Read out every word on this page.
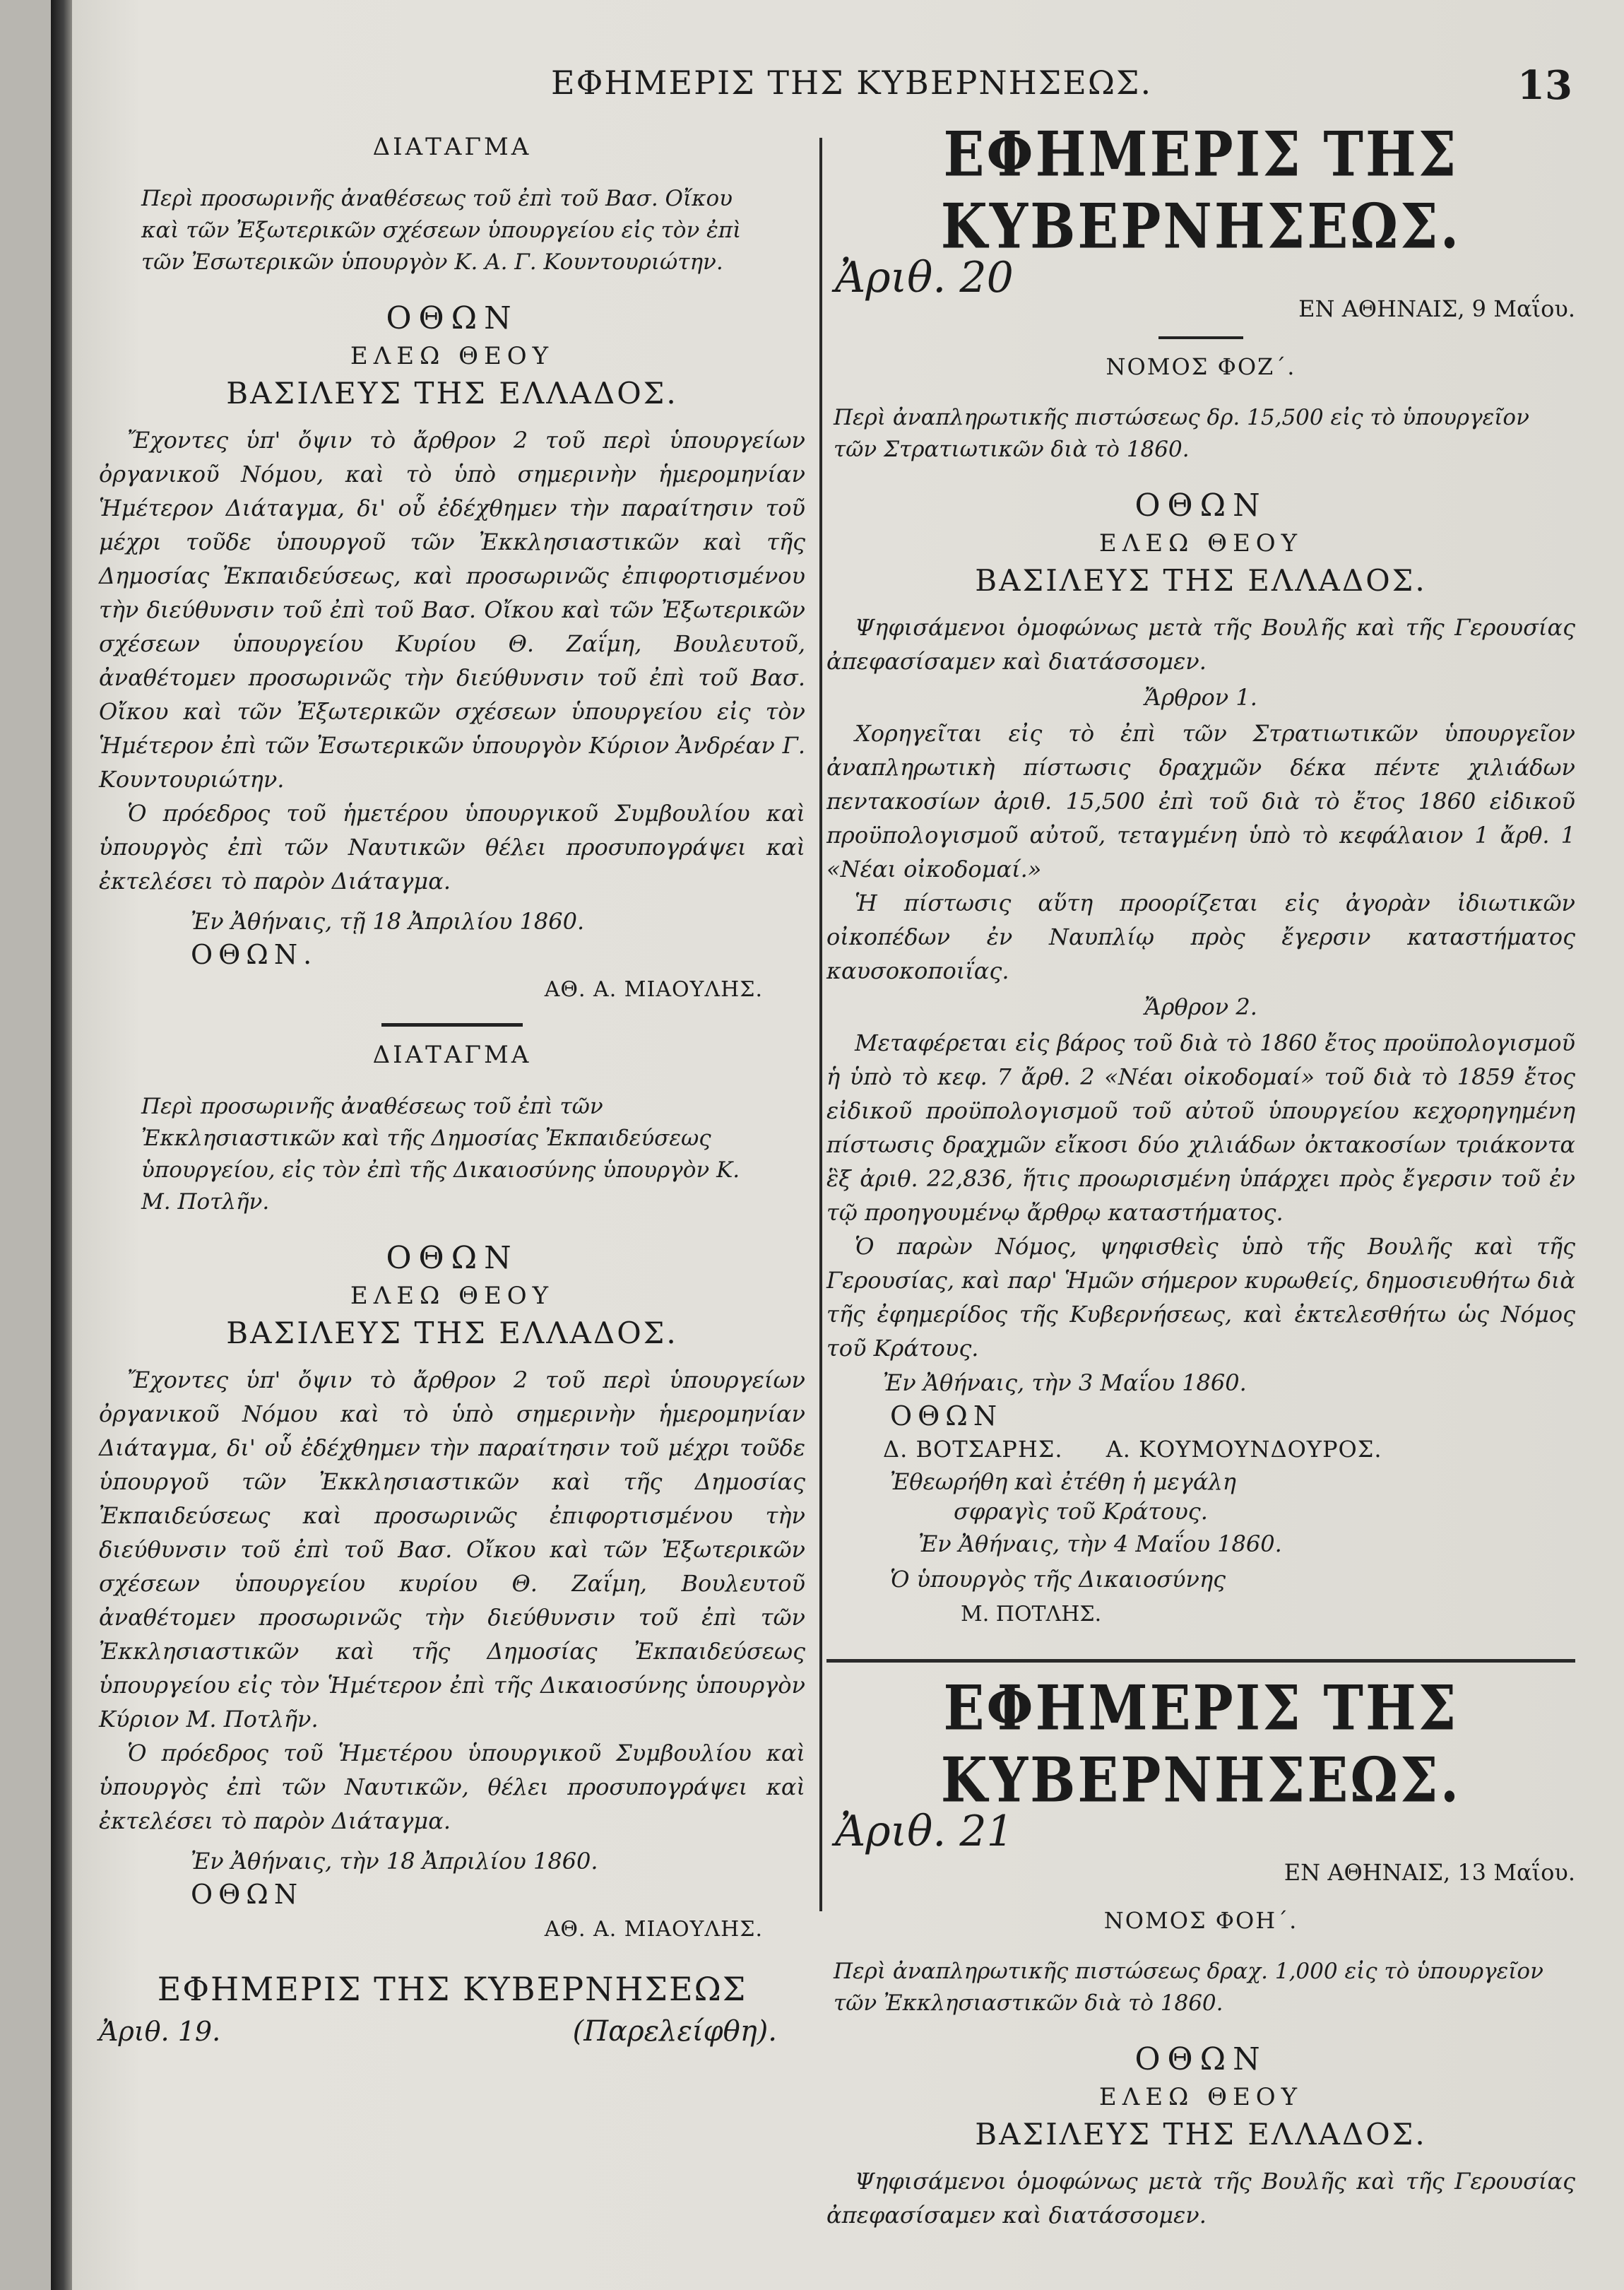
ΕΦΗΜΕΡΙΣ ΤΗΣ ΚΥΒΕΡΝΗΣΕΩΣ.	13
ΔΙΑΤΑΓΜΑ

Περὶ προσωρινῆς ἀναθέσεως τοῦ ἐπὶ τοῦ Βασ. Οἴκου καὶ τῶν Ἐξωτερικῶν σχέσεων ὑπουργείου εἰς τὸν ἐπὶ τῶν Ἐσωτερικῶν ὑπουργὸν Κ. Α. Γ. Κουντουριώτην.

ΟΘΩΝ
ΕΛΕΩ ΘΕΟΥ
ΒΑΣΙΛΕΥΣ ΤΗΣ ΕΛΛΑΔΟΣ.

Ἔχοντες ὑπ' ὄψιν τὸ ἄρθρον 2 τοῦ περὶ ὑπουργείων ὀργανικοῦ Νόμου, καὶ τὸ ὑπὸ σημερινὴν ἡμερομηνίαν Ἡμέτερον Διάταγμα, δι' οὗ ἐδέχθημεν τὴν παραίτησιν τοῦ μέχρι τοῦδε ὑπουργοῦ τῶν Ἐκκλησιαστικῶν καὶ τῆς Δημοσίας Ἐκπαιδεύσεως, καὶ προσωρινῶς ἐπιφορτισμένου τὴν διεύθυνσιν τοῦ ἐπὶ τοῦ Βασ. Οἴκου καὶ τῶν Ἐξωτερικῶν σχέσεων ὑπουργείου Κυρίου Θ. Ζαΐμη, Βουλευτοῦ, ἀναθέτομεν προσωρινῶς τὴν διεύθυνσιν τοῦ ἐπὶ τοῦ Βασ. Οἴκου καὶ τῶν Ἐξωτερικῶν σχέσεων ὑπουργείου εἰς τὸν Ἡμέτερον ἐπὶ τῶν Ἐσωτερικῶν ὑπουργὸν Κύριον Ἀνδρέαν Γ. Κουντουριώτην.

Ὁ πρόεδρος τοῦ ἡμετέρου ὑπουργικοῦ Συμβουλίου καὶ ὑπουργὸς ἐπὶ τῶν Ναυτικῶν θέλει προσυπογράψει καὶ ἐκτελέσει τὸ παρὸν Διάταγμα.

Ἐν Ἀθήναις, τῇ 18 Ἀπριλίου 1860.
ΟΘΩΝ.
ΑΘ. Α. ΜΙΑΟΥΛΗΣ.
ΔΙΑΤΑΓΜΑ

Περὶ προσωρινῆς ἀναθέσεως τοῦ ἐπὶ τῶν Ἐκκλησιαστικῶν καὶ τῆς Δημοσίας Ἐκπαιδεύσεως ὑπουργείου, εἰς τὸν ἐπὶ τῆς Δικαιοσύνης ὑπουργὸν Κ. Μ. Ποτλῆν.

ΟΘΩΝ
ΕΛΕΩ ΘΕΟΥ
ΒΑΣΙΛΕΥΣ ΤΗΣ ΕΛΛΑΔΟΣ.

Ἔχοντες ὑπ' ὄψιν τὸ ἄρθρον 2 τοῦ περὶ ὑπουργείων ὀργανικοῦ Νόμου καὶ τὸ ὑπὸ σημερινὴν ἡμερομηνίαν Διάταγμα, δι' οὗ ἐδέχθημεν τὴν παραίτησιν τοῦ μέχρι τοῦδε ὑπουργοῦ τῶν Ἐκκλησιαστικῶν καὶ τῆς Δημοσίας Ἐκπαιδεύσεως καὶ προσωρινῶς ἐπιφορτισμένου τὴν διεύθυνσιν τοῦ ἐπὶ τοῦ Βασ. Οἴκου καὶ τῶν Ἐξωτερικῶν σχέσεων ὑπουργείου κυρίου Θ. Ζαΐμη, Βουλευτοῦ ἀναθέτομεν προσωρινῶς τὴν διεύθυνσιν τοῦ ἐπὶ τῶν Ἐκκλησιαστικῶν καὶ τῆς Δημοσίας Ἐκπαιδεύσεως ὑπουργείου εἰς τὸν Ἡμέτερον ἐπὶ τῆς Δικαιοσύνης ὑπουργὸν Κύριον Μ. Ποτλῆν.

Ὁ πρόεδρος τοῦ Ἡμετέρου ὑπουργικοῦ Συμβουλίου καὶ ὑπουργὸς ἐπὶ τῶν Ναυτικῶν, θέλει προσυπογράψει καὶ ἐκτελέσει τὸ παρὸν Διάταγμα.

Ἐν Ἀθήναις, τὴν 18 Ἀπριλίου 1860.
ΟΘΩΝ
ΑΘ. Α. ΜΙΑΟΥΛΗΣ.
ΕΦΗΜΕΡΙΣ ΤΗΣ ΚΥΒΕΡΝΗΣΕΩΣ
Ἀριθ. 19.	(Παρελείφθη).
ΕΦΗΜΕΡΙΣ ΤΗΣ ΚΥΒΕΡΝΗΣΕΩΣ.
Ἀριθ. 20
ΕΝ ΑΘΗΝΑΙΣ, 9 Μαΐου.
ΝΟΜΟΣ ΦΟΖ΄.

Περὶ ἀναπληρωτικῆς πιστώσεως δρ. 15,500 εἰς τὸ ὑπουργεῖον τῶν Στρατιωτικῶν διὰ τὸ 1860.

ΟΘΩΝ
ΕΛΕΩ ΘΕΟΥ
ΒΑΣΙΛΕΥΣ ΤΗΣ ΕΛΛΑΔΟΣ.

Ψηφισάμενοι ὁμοφώνως μετὰ τῆς Βουλῆς καὶ τῆς Γερουσίας ἀπεφασίσαμεν καὶ διατάσσομεν.

Ἄρθρον 1.

Χορηγεῖται εἰς τὸ ἐπὶ τῶν Στρατιωτικῶν ὑπουργεῖον ἀναπληρωτικὴ πίστωσις δραχμῶν δέκα πέντε χιλιάδων πεντακοσίων ἀριθ. 15,500 ἐπὶ τοῦ διὰ τὸ ἔτος 1860 εἰδικοῦ προϋπολογισμοῦ αὐτοῦ, τεταγμένη ὑπὸ τὸ κεφάλαιον 1 ἄρθ. 1 «Νέαι οἰκοδομαί.»

Ἡ πίστωσις αὕτη προορίζεται εἰς ἀγορὰν ἰδιωτικῶν οἰκοπέδων ἐν Ναυπλίῳ πρὸς ἔγερσιν καταστήματος καυσοκοποιΐας.

Ἄρθρον 2.

Μεταφέρεται εἰς βάρος τοῦ διὰ τὸ 1860 ἔτος προϋπολογισμοῦ ἡ ὑπὸ τὸ κεφ. 7 ἄρθ. 2 «Νέαι οἰκοδομαί» τοῦ διὰ τὸ 1859 ἔτος εἰδικοῦ προϋπολογισμοῦ τοῦ αὐτοῦ ὑπουργείου κεχορηγημένη πίστωσις δραχμῶν εἴκοσι δύο χιλιάδων ὀκτακοσίων τριάκοντα ἓξ ἀριθ. 22,836, ἥτις προωρισμένη ὑπάρχει πρὸς ἔγερσιν τοῦ ἐν τῷ προηγουμένῳ ἄρθρῳ καταστήματος.

Ὁ παρὼν Νόμος, ψηφισθεὶς ὑπὸ τῆς Βουλῆς καὶ τῆς Γερουσίας, καὶ παρ' Ἡμῶν σήμερον κυρωθείς, δημοσιευθήτω διὰ τῆς ἐφημερίδος τῆς Κυβερνήσεως, καὶ ἐκτελεσθήτω ὡς Νόμος τοῦ Κράτους.

Ἐν Ἀθήναις, τὴν 3 Μαΐου 1860.
ΟΘΩΝ
Δ. ΒΟΤΣΑΡΗΣ. Α. ΚΟΥΜΟΥΝΔΟΥΡΟΣ.
Ἐθεωρήθη καὶ ἐτέθη ἡ μεγάλη
σφραγὶς τοῦ Κράτους.
Ἐν Ἀθήναις, τὴν 4 Μαΐου 1860.
Ὁ ὑπουργὸς τῆς Δικαιοσύνης
Μ. ΠΟΤΛΗΣ.
ΕΦΗΜΕΡΙΣ ΤΗΣ ΚΥΒΕΡΝΗΣΕΩΣ.
Ἀριθ. 21
ΕΝ ΑΘΗΝΑΙΣ, 13 Μαΐου.
ΝΟΜΟΣ ΦΟΗ΄.

Περὶ ἀναπληρωτικῆς πιστώσεως δραχ. 1,000 εἰς τὸ ὑπουργεῖον τῶν Ἐκκλησιαστικῶν διὰ τὸ 1860.

ΟΘΩΝ
ΕΛΕΩ ΘΕΟΥ
ΒΑΣΙΛΕΥΣ ΤΗΣ ΕΛΛΑΔΟΣ.

Ψηφισάμενοι ὁμοφώνως μετὰ τῆς Βουλῆς καὶ τῆς Γερουσίας ἀπεφασίσαμεν καὶ διατάσσομεν.
